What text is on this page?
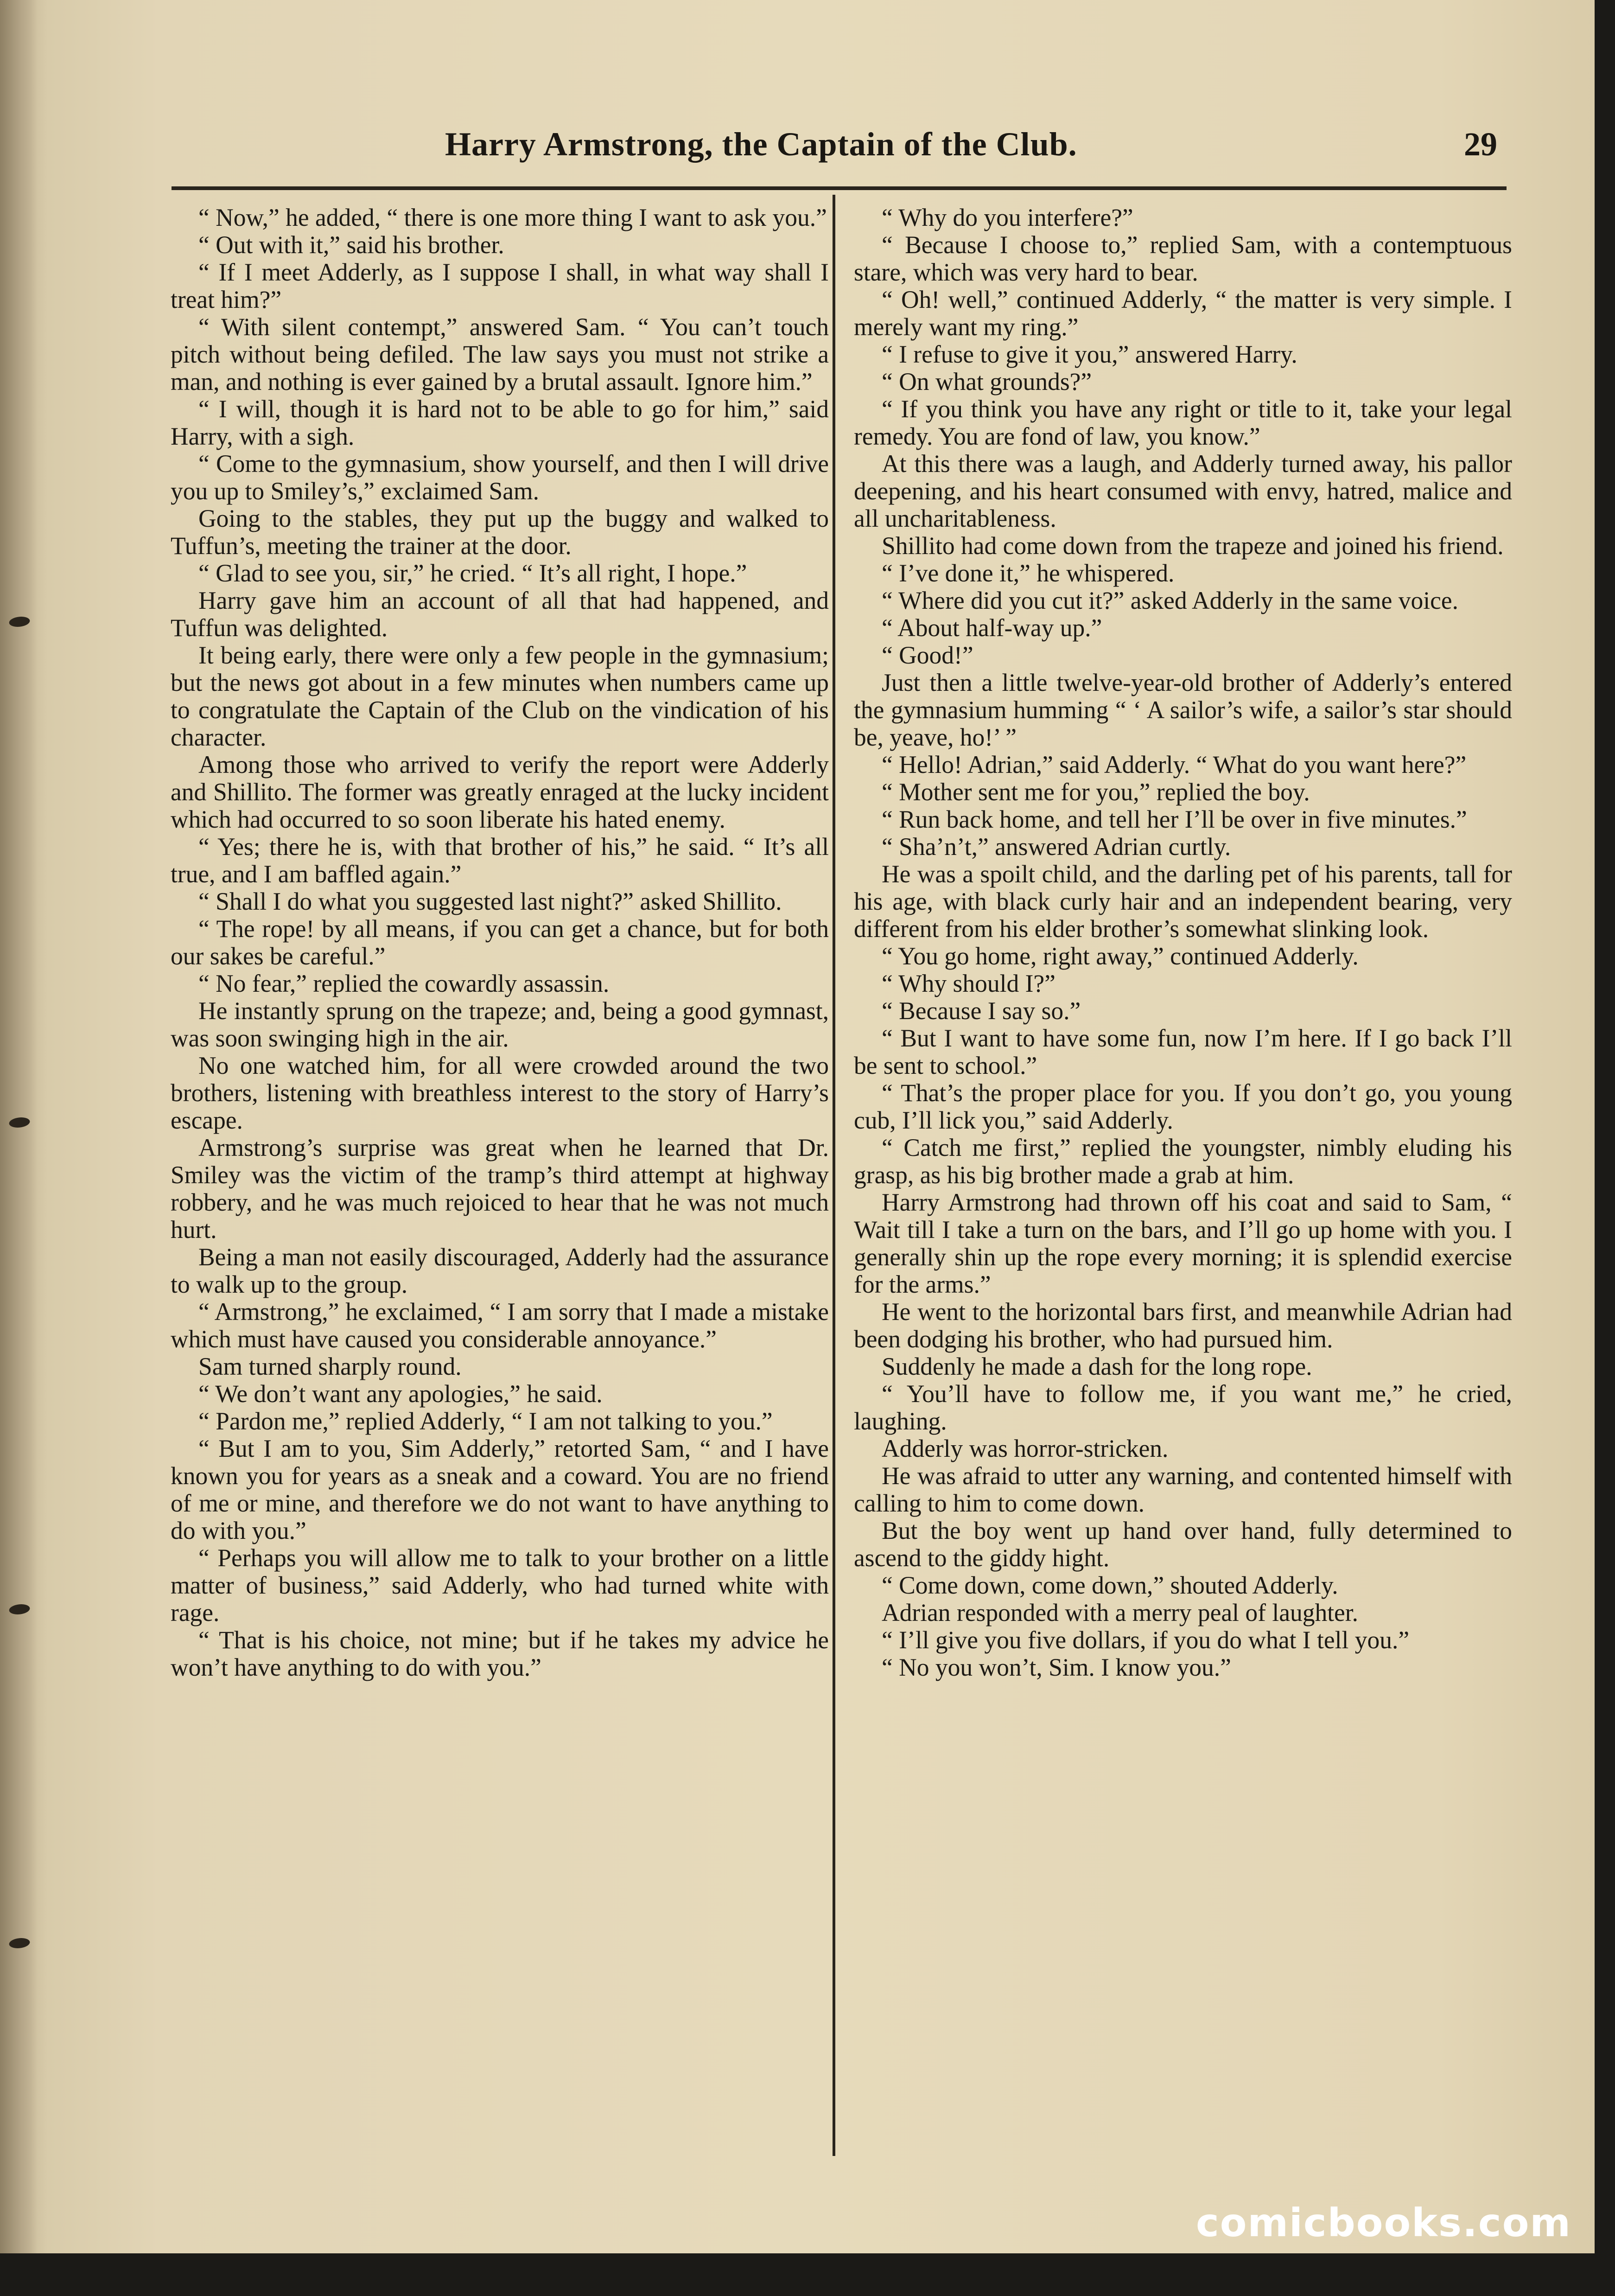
Harry Armstrong, the Captain of the Club.	29

“ Now,” he added, “ there is one more thing I want to ask you.”

“ Out with it,” said his brother.

“ If I meet Adderly, as I suppose I shall, in what way shall I treat him?”

“ With silent contempt,” answered Sam. “ You can’t touch pitch without being defiled. The law says you must not strike a man, and nothing is ever gained by a brutal assault. Ignore him.”

“ I will, though it is hard not to be able to go for him,” said Harry, with a sigh.

“ Come to the gymnasium, show yourself, and then I will drive you up to Smiley’s,” exclaimed Sam.

Going to the stables, they put up the buggy and walked to Tuffun’s, meeting the trainer at the door.

“ Glad to see you, sir,” he cried. “ It’s all right, I hope.”

Harry gave him an account of all that had happened, and Tuffun was delighted.

It being early, there were only a few people in the gymnasium; but the news got about in a few minutes when numbers came up to congratulate the Captain of the Club on the vindication of his character.

Among those who arrived to verify the report were Adderly and Shillito. The former was greatly enraged at the lucky incident which had occurred to so soon liberate his hated enemy.

“ Yes; there he is, with that brother of his,” he said. “ It’s all true, and I am baffled again.”

“ Shall I do what you suggested last night?” asked Shillito.

“ The rope! by all means, if you can get a chance, but for both our sakes be careful.”

“ No fear,” replied the cowardly assassin.

He instantly sprung on the trapeze; and, being a good gymnast, was soon swinging high in the air.

No one watched him, for all were crowded around the two brothers, listening with breathless interest to the story of Harry’s escape.

Armstrong’s surprise was great when he learned that Dr. Smiley was the victim of the tramp’s third attempt at highway robbery, and he was much rejoiced to hear that he was not much hurt.

Being a man not easily discouraged, Adderly had the assurance to walk up to the group.

“ Armstrong,” he exclaimed, “ I am sorry that I made a mistake which must have caused you considerable annoyance.”

Sam turned sharply round.

“ We don’t want any apologies,” he said.

“ Pardon me,” replied Adderly, “ I am not talking to you.”

“ But I am to you, Sim Adderly,” retorted Sam, “ and I have known you for years as a sneak and a coward. You are no friend of me or mine, and therefore we do not want to have anything to do with you.”

“ Perhaps you will allow me to talk to your brother on a little matter of business,” said Adderly, who had turned white with rage.

“ That is his choice, not mine; but if he takes my advice he won’t have anything to do with you.”

“ Why do you interfere?”

“ Because I choose to,” replied Sam, with a contemptuous stare, which was very hard to bear.

“ Oh! well,” continued Adderly, “ the matter is very simple. I merely want my ring.”

“ I refuse to give it you,” answered Harry.

“ On what grounds?”

“ If you think you have any right or title to it, take your legal remedy. You are fond of law, you know.”

At this there was a laugh, and Adderly turned away, his pallor deepening, and his heart consumed with envy, hatred, malice and all uncharitableness.

Shillito had come down from the trapeze and joined his friend.

“ I’ve done it,” he whispered.

“ Where did you cut it?” asked Adderly in the same voice.

“ About half-way up.”

“ Good!”

Just then a little twelve-year-old brother of Adderly’s entered the gymnasium humming “ ‘ A sailor’s wife, a sailor’s star should be, yeave, ho!’ ”

“ Hello! Adrian,” said Adderly. “ What do you want here?”

“ Mother sent me for you,” replied the boy.

“ Run back home, and tell her I’ll be over in five minutes.”

“ Sha’n’t,” answered Adrian curtly.

He was a spoilt child, and the darling pet of his parents, tall for his age, with black curly hair and an independent bearing, very different from his elder brother’s somewhat slinking look.

“ You go home, right away,” continued Adderly.

“ Why should I?”

“ Because I say so.”

“ But I want to have some fun, now I’m here. If I go back I’ll be sent to school.”

“ That’s the proper place for you. If you don’t go, you young cub, I’ll lick you,” said Adderly.

“ Catch me first,” replied the youngster, nimbly eluding his grasp, as his big brother made a grab at him.

Harry Armstrong had thrown off his coat and said to Sam, “ Wait till I take a turn on the bars, and I’ll go up home with you. I generally shin up the rope every morning; it is splendid exercise for the arms.”

He went to the horizontal bars first, and meanwhile Adrian had been dodging his brother, who had pursued him.

Suddenly he made a dash for the long rope.

“ You’ll have to follow me, if you want me,” he cried, laughing.

Adderly was horror-stricken.

He was afraid to utter any warning, and contented himself with calling to him to come down.

But the boy went up hand over hand, fully determined to ascend to the giddy hight.

“ Come down, come down,” shouted Adderly.

Adrian responded with a merry peal of laughter.

“ I’ll give you five dollars, if you do what I tell you.”

“ No you won’t, Sim. I know you.”

comicbooks.com
